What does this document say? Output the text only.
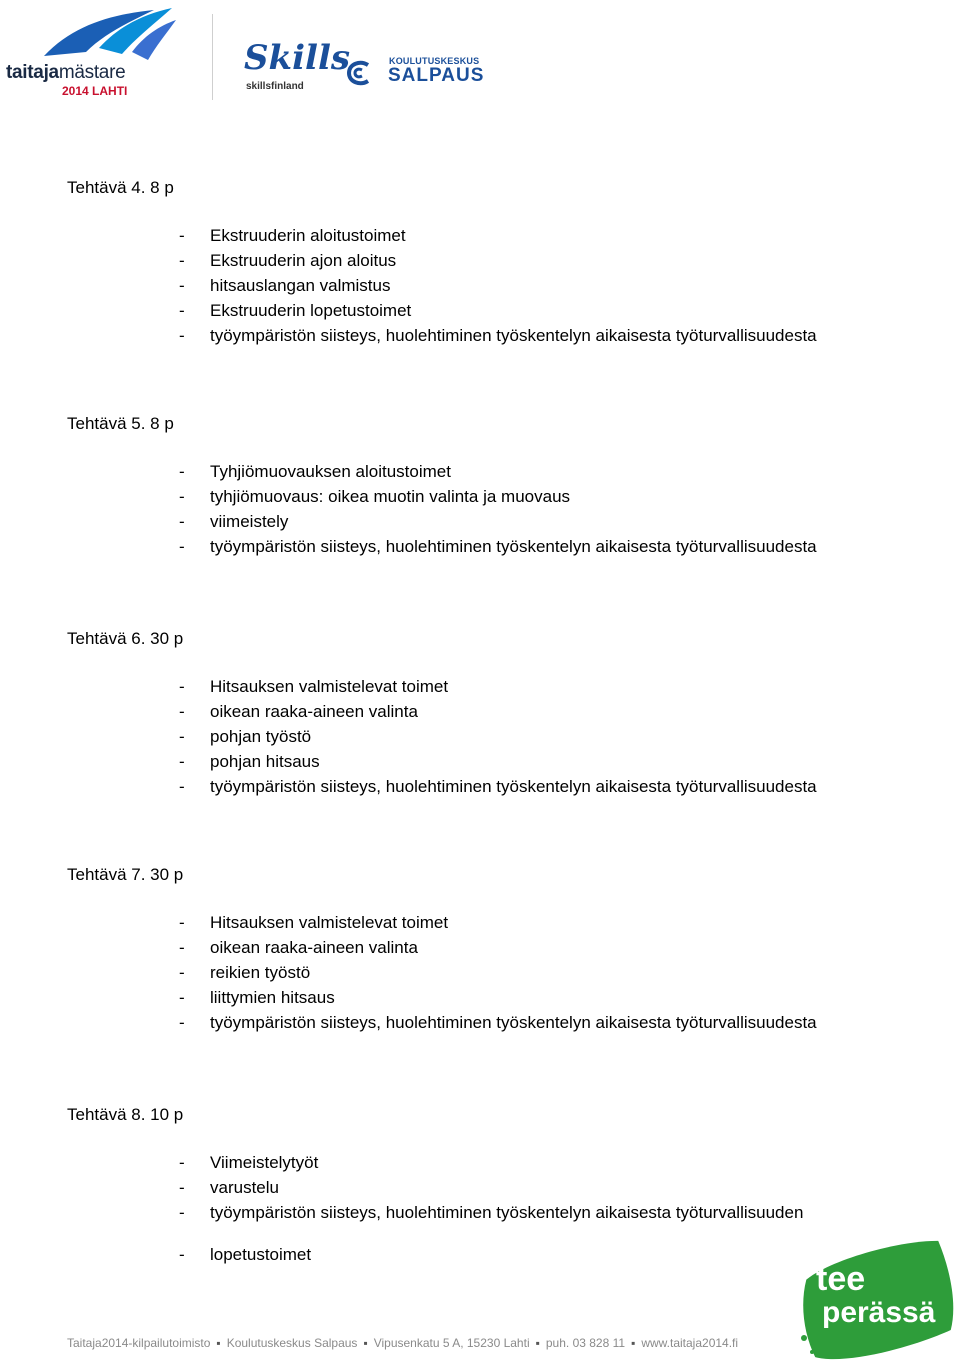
taitajamästare
2014 LAHTI
Skills
skillsfinland
KOULUTUSKESKUS
SALPAUS

Tehtävä 4. 8 p

- Ekstruuderin aloitustoimet
- Ekstruuderin ajon aloitus
- hitsauslangan valmistus
- Ekstruuderin lopetustoimet
- työympäristön siisteys, huolehtiminen työskentelyn aikaisesta työturvallisuudesta

Tehtävä 5. 8 p

- Tyhjiömuovauksen aloitustoimet
- tyhjiömuovaus: oikea muotin valinta ja muovaus
- viimeistely
- työympäristön siisteys, huolehtiminen työskentelyn aikaisesta työturvallisuudesta

Tehtävä 6. 30 p

- Hitsauksen valmistelevat toimet
- oikean raaka-aineen valinta
- pohjan työstö
- pohjan hitsaus
- työympäristön siisteys, huolehtiminen työskentelyn aikaisesta työturvallisuudesta

Tehtävä 7. 30 p

- Hitsauksen valmistelevat toimet
- oikean raaka-aineen valinta
- reikien työstö
- liittymien hitsaus
- työympäristön siisteys, huolehtiminen työskentelyn aikaisesta työturvallisuudesta

Tehtävä 8. 10 p

- Viimeistelytyöt
- varustelu
- työympäristön siisteys, huolehtiminen työskentelyn aikaisesta työturvallisuuden
- lopetustoimet
tee
perässä
Taitaja2014-kilpailutoimisto ▪ Koulutuskeskus Salpaus ▪ Vipusenkatu 5 A, 15230 Lahti ▪ puh. 03 828 11 ▪ www.taitaja2014.fi
